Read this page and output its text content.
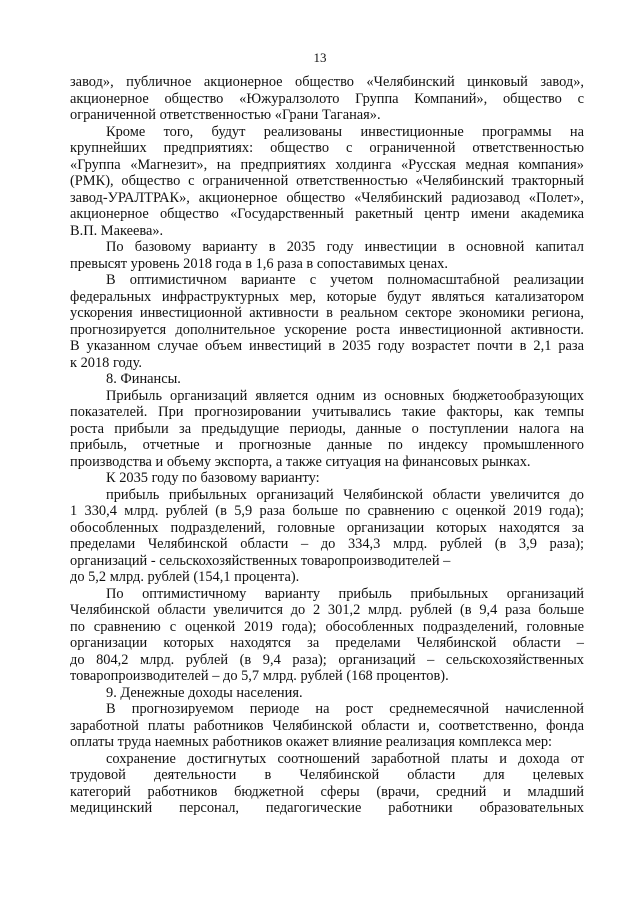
13

завод», публичное акционерное общество «Челябинский цинковый завод»,
акционерное общество «Южуралзолото Группа Компаний», общество с
ограниченной ответственностью «Грани Таганая».

Кроме того, будут реализованы инвестиционные программы на
крупнейших предприятиях: общество с ограниченной ответственностью
«Группа «Магнезит», на предприятиях холдинга «Русская медная компания»
(РМК), общество с ограниченной ответственностью «Челябинский тракторный
завод-УРАЛТРАК», акционерное общество «Челябинский радиозавод «Полет»,
акционерное общество «Государственный ракетный центр имени академика
В.П. Макеева».

По базовому варианту в 2035 году инвестиции в основной капитал
превысят уровень 2018 года в 1,6 раза в сопоставимых ценах.

В оптимистичном варианте с учетом полномасштабной реализации
федеральных инфраструктурных мер, которые будут являться катализатором
ускорения инвестиционной активности в реальном секторе экономики региона,
прогнозируется дополнительное ускорение роста инвестиционной активности.
В указанном случае объем инвестиций в 2035 году возрастет почти в 2,1 раза
к 2018 году.

8. Финансы.

Прибыль организаций является одним из основных бюджетообразующих
показателей. При прогнозировании учитывались такие факторы, как темпы
роста прибыли за предыдущие периоды, данные о поступлении налога на
прибыль, отчетные и прогнозные данные по индексу промышленного
производства и объему экспорта, а также ситуация на финансовых рынках.

К 2035 году по базовому варианту:

прибыль прибыльных организаций Челябинской области увеличится до
1 330,4 млрд. рублей (в 5,9 раза больше по сравнению с оценкой 2019 года);
обособленных подразделений, головные организации которых находятся за
пределами Челябинской области – до 334,3 млрд. рублей (в 3,9 раза);
организаций - сельскохозяйственных товаропроизводителей –
до 5,2 млрд. рублей (154,1 процента).

По оптимистичному варианту прибыль прибыльных организаций
Челябинской области увеличится до 2 301,2 млрд. рублей (в 9,4 раза больше
по сравнению с оценкой 2019 года); обособленных подразделений, головные
организации которых находятся за пределами Челябинской области –
до 804,2 млрд. рублей (в 9,4 раза); организаций – сельскохозяйственных
товаропроизводителей – до 5,7 млрд. рублей (168 процентов).

9. Денежные доходы населения.

В прогнозируемом периоде на рост среднемесячной начисленной
заработной платы работников Челябинской области и, соответственно, фонда
оплаты труда наемных работников окажет влияние реализация комплекса мер:

сохранение достигнутых соотношений заработной платы и дохода от
трудовой деятельности в Челябинской области для целевых
категорий работников бюджетной сферы (врачи, средний и младший
медицинский персонал, педагогические работники образовательных
